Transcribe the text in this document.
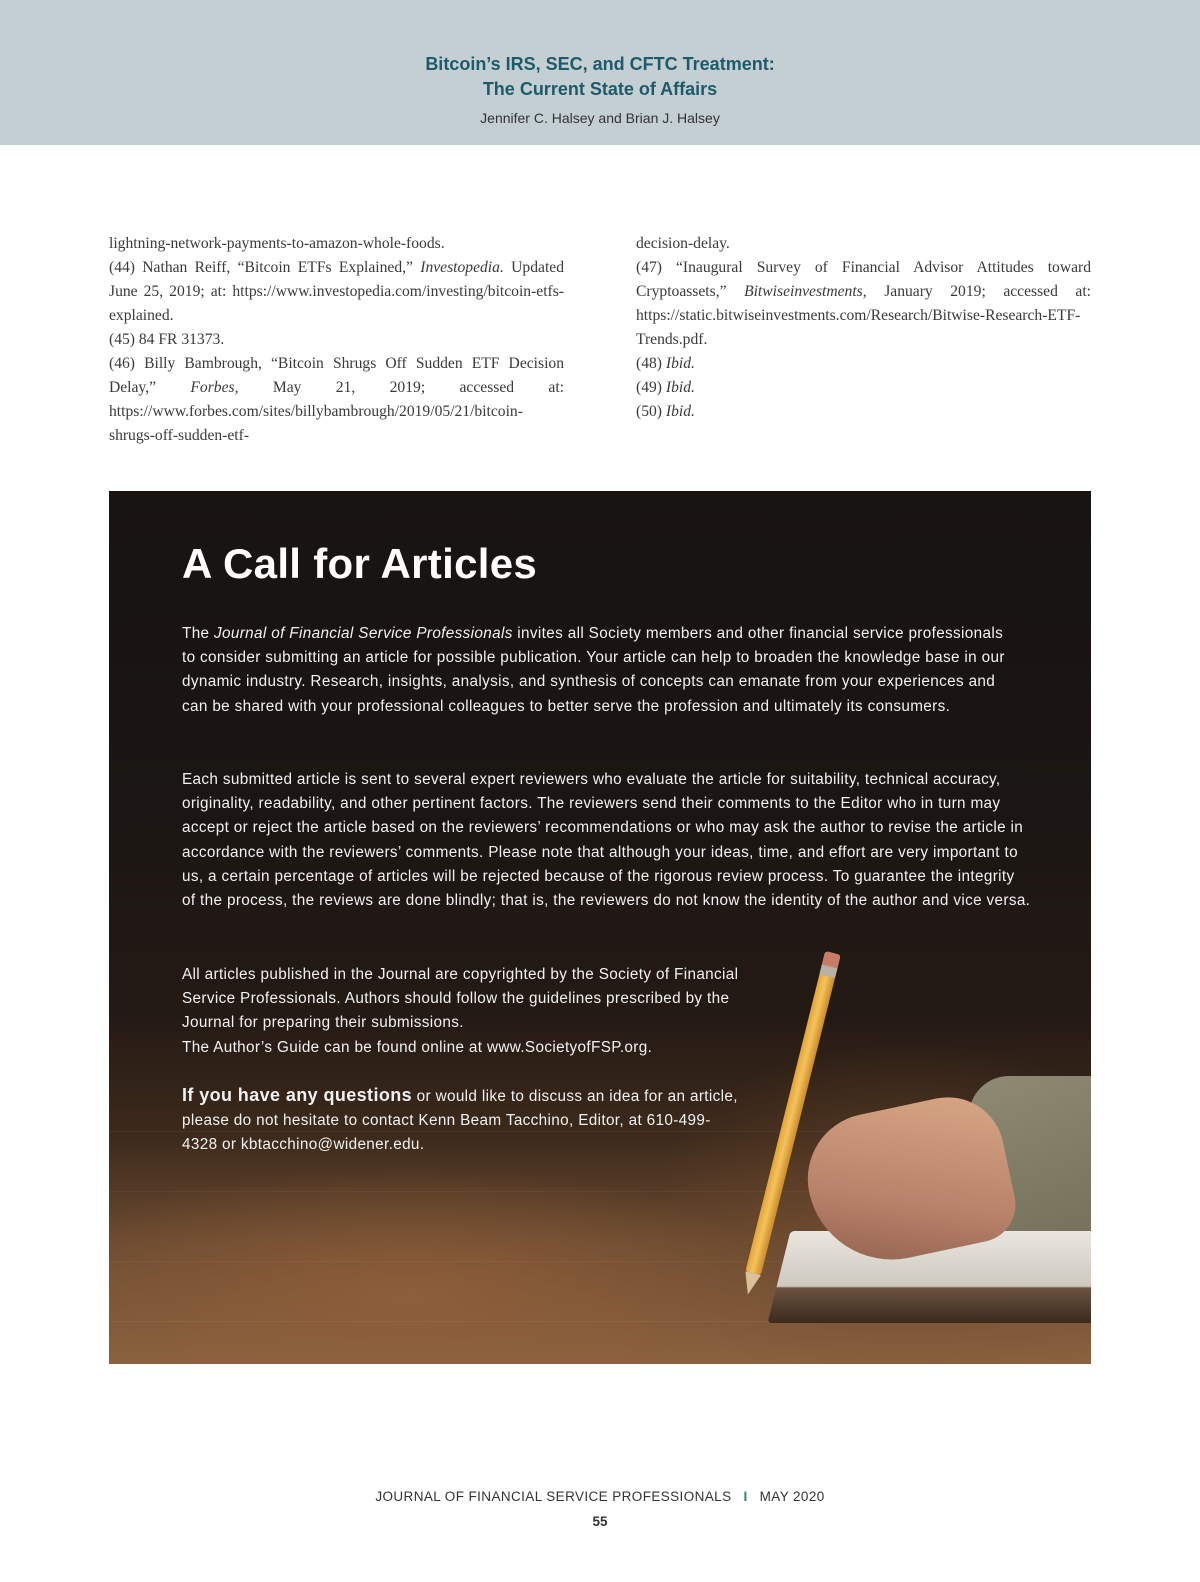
Bitcoin’s IRS, SEC, and CFTC Treatment:
The Current State of Affairs
Jennifer C. Halsey and Brian J. Halsey
lightning-network-payments-to-amazon-whole-foods.
(44) Nathan Reiff, “Bitcoin ETFs Explained,” Investopedia. Updated June 25, 2019; at: https://www.investopedia.com/investing/bitcoin-etfs-explained.
(45) 84 FR 31373.
(46) Billy Bambrough, “Bitcoin Shrugs Off Sudden ETF Decision Delay,” Forbes, May 21, 2019; accessed at: https://www.forbes.com/sites/billybambrough/2019/05/21/bitcoin-shrugs-off-sudden-etf-
decision-delay.
(47) “Inaugural Survey of Financial Advisor Attitudes toward Cryptoassets,” Bitwiseinvestments, January 2019; accessed at: https://static.bitwiseinvestments.com/Research/Bitwise-Research-ETF-Trends.pdf.
(48) Ibid.
(49) Ibid.
(50) Ibid.
A Call for Articles
The Journal of Financial Service Professionals invites all Society members and other financial service professionals to consider submitting an article for possible publication. Your article can help to broaden the knowledge base in our dynamic industry. Research, insights, analysis, and synthesis of concepts can emanate from your experiences and can be shared with your professional colleagues to better serve the profession and ultimately its consumers.
Each submitted article is sent to several expert reviewers who evaluate the article for suitability, technical accuracy, originality, readability, and other pertinent factors. The reviewers send their comments to the Editor who in turn may accept or reject the article based on the reviewers’ recommendations or who may ask the author to revise the article in accordance with the reviewers’ comments. Please note that although your ideas, time, and effort are very important to us, a certain percentage of articles will be rejected because of the rigorous review process. To guarantee the integrity of the process, the reviews are done blindly; that is, the reviewers do not know the identity of the author and vice versa.
All articles published in the Journal are copyrighted by the Society of Financial Service Professionals. Authors should follow the guidelines prescribed by the Journal for preparing their submissions.
The Author’s Guide can be found online at www.SocietyofFSP.org.
If you have any questions or would like to discuss an idea for an article, please do not hesitate to contact Kenn Beam Tacchino, Editor, at 610-499-4328 or kbtacchino@widener.edu.
JOURNAL OF FINANCIAL SERVICE PROFESSIONALS I MAY 2020
55
